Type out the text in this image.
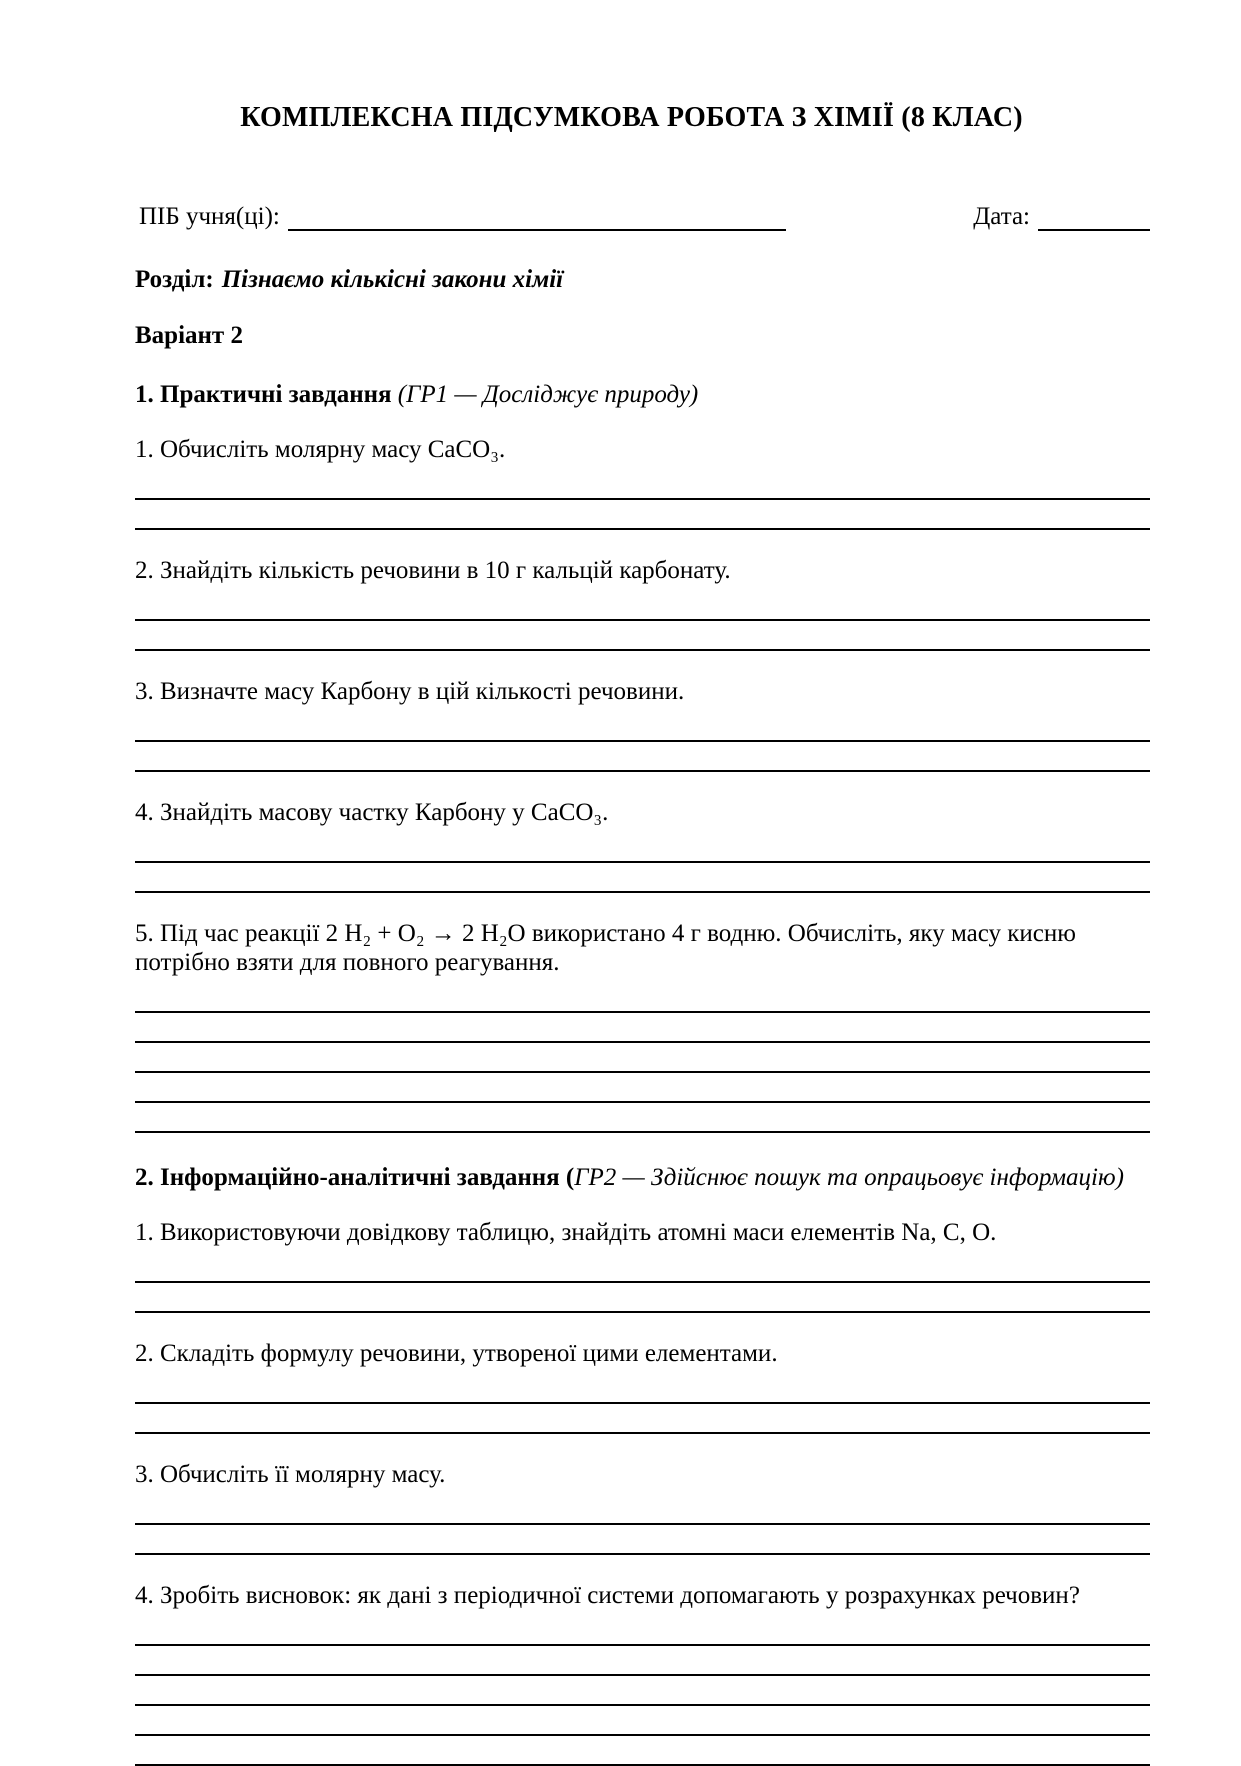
КОМПЛЕКСНА ПІДСУМКОВА РОБОТА З ХІМІЇ (8 КЛАС)
ПІБ учня(ці):	Дата:
Розділ: Пізнаємо кількісні закони хімії
Варіант 2

1. Практичні завдання (ГР1 — Досліджує природу)

1. Обчисліть молярну масу CaCO₃.

2. Знайдіть кількість речовини в 10 г кальцій карбонату.

3. Визначте масу Карбону в цій кількості речовини.

4. Знайдіть масову частку Карбону у CaCO₃.

5. Під час реакції 2 Н₂ + О₂ → 2 Н₂О використано 4 г водню. Обчисліть, яку масу кисню потрібно взяти для повного реагування.

2. Інформаційно-аналітичні завдання (ГР2 — Здійснює пошук та опрацьовує інформацію)

1. Використовуючи довідкову таблицю, знайдіть атомні маси елементів Na, C, O.

2. Складіть формулу речовини, утвореної цими елементами.

3. Обчисліть її молярну масу.

4. Зробіть висновок: як дані з періодичної системи допомагають у розрахунках речовин?
